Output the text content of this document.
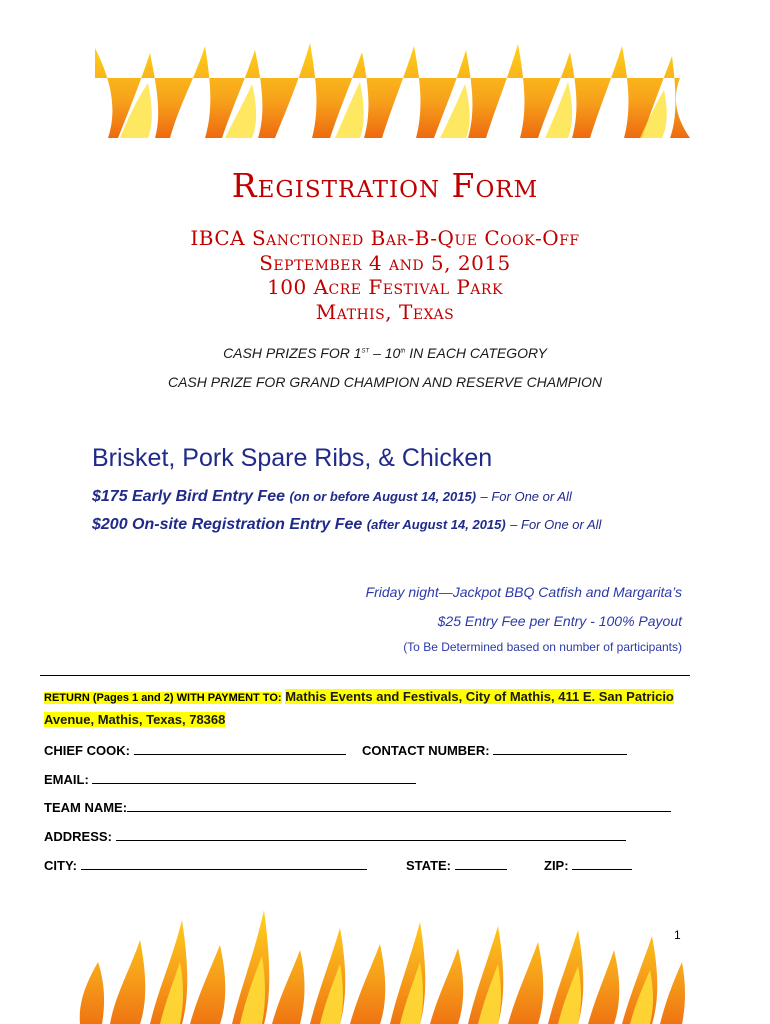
Registration Form
IBCA Sanctioned Bar-B-Que Cook-Off
September 4 and 5, 2015
100 Acre Festival Park
Mathis, Texas
CASH PRIZES FOR 1ST – 10th IN EACH CATEGORY
CASH PRIZE FOR GRAND CHAMPION AND RESERVE CHAMPION
Brisket, Pork Spare Ribs, & Chicken
$175 Early Bird Entry Fee (on or before August 14, 2015) – For One or All
$200 On-site Registration Entry Fee (after August 14, 2015) – For One or All
Friday night—Jackpot BBQ Catfish and Margarita’s
$25 Entry Fee per Entry - 100% Payout
(To Be Determined based on number of participants)
RETURN (Pages 1 and 2) WITH PAYMENT TO: Mathis Events and Festivals, City of Mathis, 411 E. San Patricio
Avenue, Mathis, Texas, 78368
CHIEF COOK:	CONTACT NUMBER:
EMAIL:
TEAM NAME:
ADDRESS:
CITY:	STATE:	ZIP:
1
